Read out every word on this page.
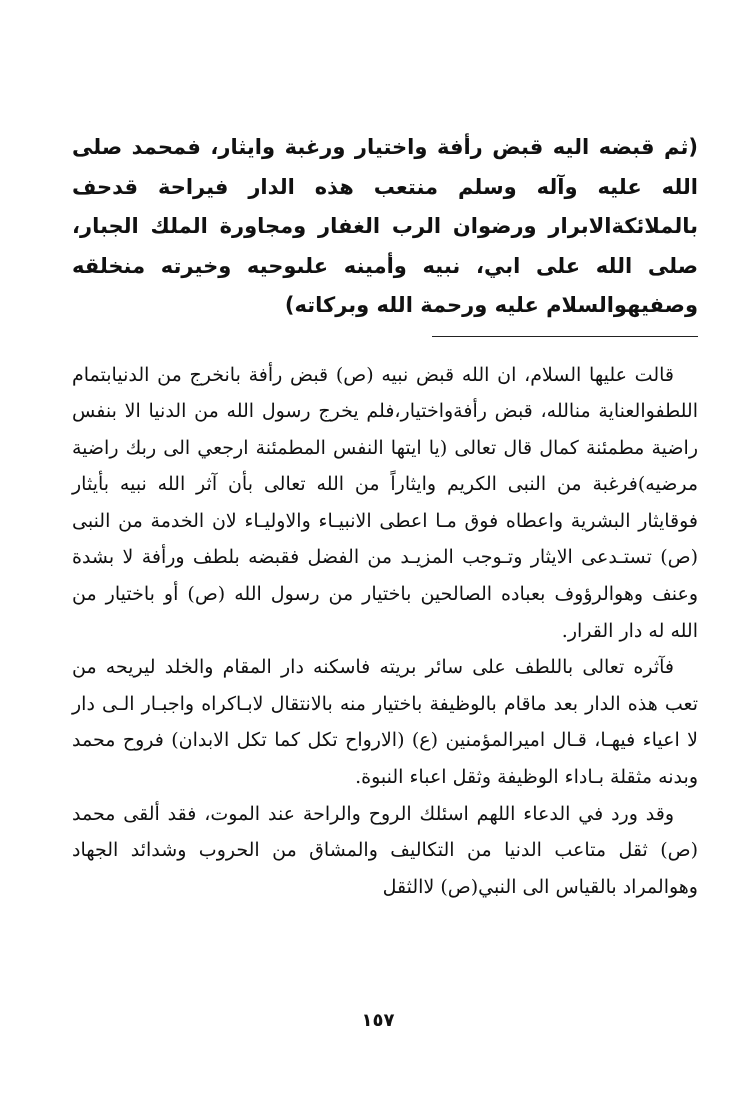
(ثم قبضه اليه قبض رأفة واختيار ورغبة وايثار، فمحمد صلى الله عليه وآله وسلم منتعب هذه الدار فيراحة قدحف بالملائكةالابرار ورضوان الرب الغفار ومجاورة الملك الجبار، صلى الله على ابي، نبيه وأمينه علىوحيه وخيرته منخلقه وصفيهوالسلام عليه ورحمة الله وبركاته)

قالت عليها السلام، ان الله قبض نبيه (ص) قبض رأفة بانخرج من الدنيابتمام اللطفوالعناية منالله، قبض رأفةواختيار،فلم يخرج رسول الله من الدنيا الا بنفس راضية مطمئنة كمال قال تعالى (يا ايتها النفس المطمئنة ارجعي الى ربك راضية مرضيه)فرغبة من النبى الكريم وايثاراً من الله تعالى بأن آثر الله نبيه بأيثار فوقايثار البشرية واعطاه فوق مـا اعطى الانبيـاء والاوليـاء لان الخدمة من النبى (ص) تستـدعى الايثار وتـوجب المزيـد من الفضل فقبضه بلطف ورأفة لا بشدة وعنف وهوالرؤوف بعباده الصالحين باختيار من رسول الله (ص) أو باختيار من الله له دار القرار.

فآثره تعالى باللطف على سائر بريته فاسكنه دار المقام والخلد ليريحه من تعب هذه الدار بعد ماقام بالوظيفة باختيار منه بالانتقال لابـاكراه واجبـار الـى دار لا اعياء فيهـا، قـال اميرالمؤمنين (ع) (الارواح تكل كما تكل الابدان) فروح محمد وبدنه مثقلة بـاداء الوظيفة وثقل اعباء النبوة.

وقد ورد في الدعاء اللهم اسئلك الروح والراحة عند الموت، فقد ألقى محمد (ص) ثقل متاعب الدنيا من التكاليف والمشاق من الحروب وشدائد الجهاد وهوالمراد بالقياس الى النبي(ص) لاالثقل

١٥٧
